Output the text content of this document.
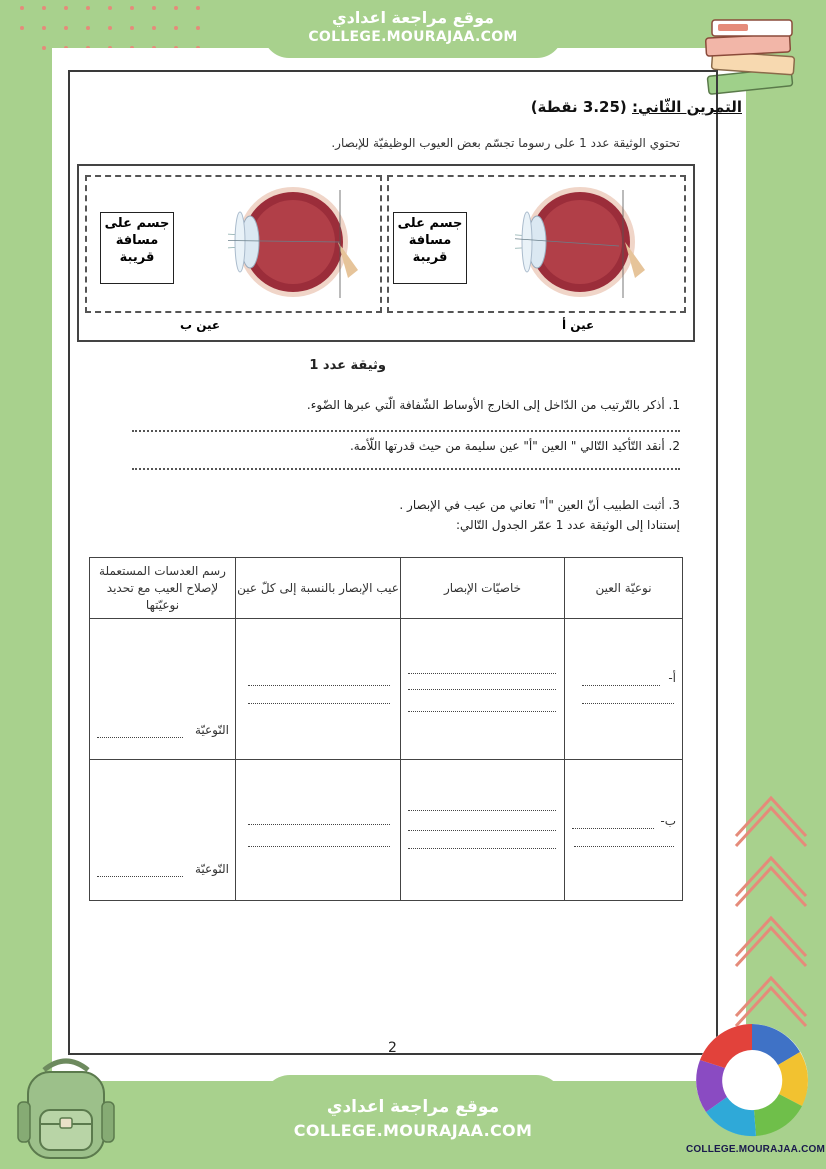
موقع مراجعة اعدادي
COLLEGE.MOURAJAA.COM
التمرين الثّاني: (3.25 نقطة)
تحتوي الوثيقة عدد 1 على رسوما تجسّم بعض العيوب الوظيفيّة للإبصار.
جسم على
مسافة
قريبة
جسم على
مسافة
قريبة
عين أ
عين ب
وثيقة عدد 1
1. أذكر بالتّرتيب من الدّاخل إلى الخارج الأوساط الشّفافة الّتي عبرها الضّوء.
2. أنقد التّأكيد التّالي " العين "أ" عين سليمة من حيث قدرتها اللّأمة.
3. أثبت الطبيب أنّ العين "أ" تعاني من عيب في الإبصار .
إستنادا إلى الوثيقة عدد 1 عمّر الجدول التّالي:
نوعيّة العين	خاصيّات الإبصار	عيب الإبصار بالنسبة إلى كلّ عين	رسم العدسات المستعملة لإصلاح العيب مع تحديد نوعيّتها

أ-			النّوعيّة

ب-			النّوعيّة
2
موقع مراجعة اعدادي
COLLEGE.MOURAJAA.COM
COLLEGE.MOURAJAA.COM
